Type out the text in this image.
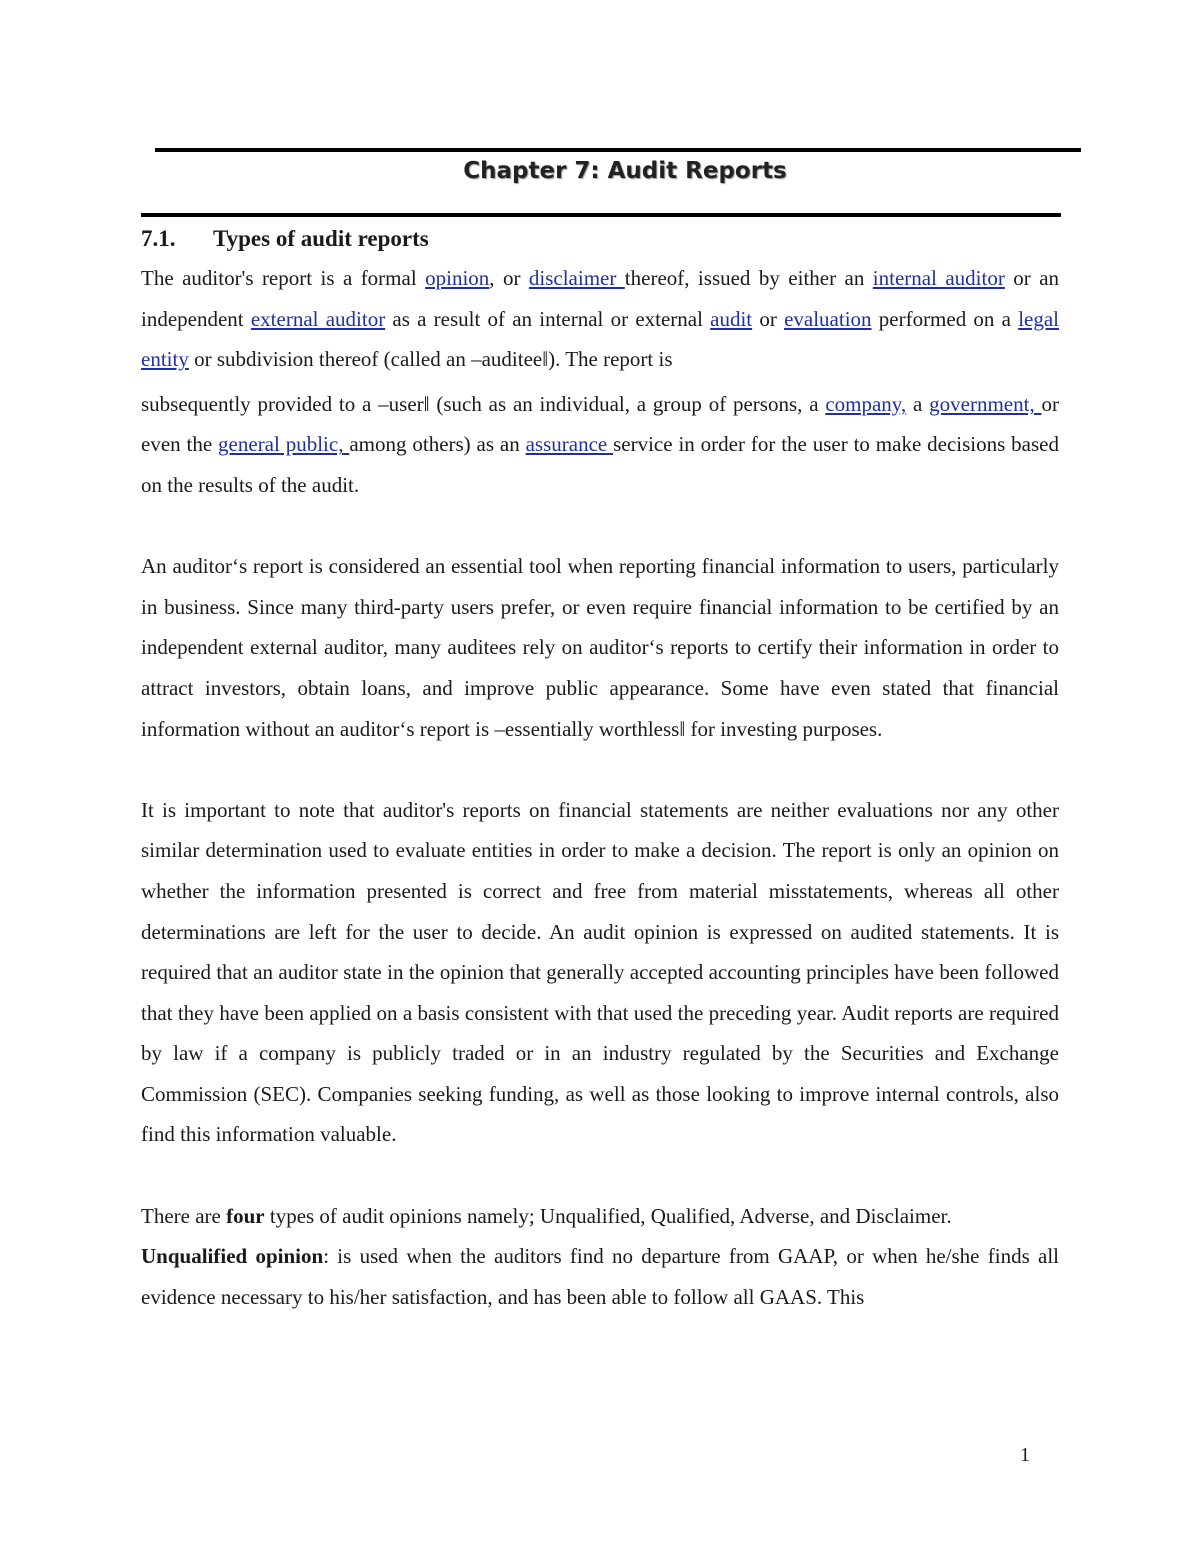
Chapter 7: Audit Reports
7.1. Types of audit reports

The auditor's report is a formal opinion, or disclaimer thereof, issued by either an internal auditor or an independent external auditor as a result of an internal or external audit or evaluation performed on a legal entity or subdivision thereof (called an –auditee‖). The report is

subsequently provided to a –user‖ (such as an individual, a group of persons, a company, a government, or even the general public, among others) as an assurance service in order for the user to make decisions based on the results of the audit.

An auditor‘s report is considered an essential tool when reporting financial information to users, particularly in business. Since many third-party users prefer, or even require financial information to be certified by an independent external auditor, many auditees rely on auditor‘s reports to certify their information in order to attract investors, obtain loans, and improve public appearance. Some have even stated that financial information without an auditor‘s report is –essentially worthless‖ for investing purposes.

It is important to note that auditor's reports on financial statements are neither evaluations nor any other similar determination used to evaluate entities in order to make a decision. The report is only an opinion on whether the information presented is correct and free from material misstatements, whereas all other determinations are left for the user to decide. An audit opinion is expressed on audited statements. It is required that an auditor state in the opinion that generally accepted accounting principles have been followed that they have been applied on a basis consistent with that used the preceding year. Audit reports are required by law if a company is publicly traded or in an industry regulated by the Securities and Exchange Commission (SEC). Companies seeking funding, as well as those looking to improve internal controls, also find this information valuable.

There are four types of audit opinions namely; Unqualified, Qualified, Adverse, and Disclaimer.

Unqualified opinion: is used when the auditors find no departure from GAAP, or when he/she finds all evidence necessary to his/her satisfaction, and has been able to follow all GAAS. This

1
